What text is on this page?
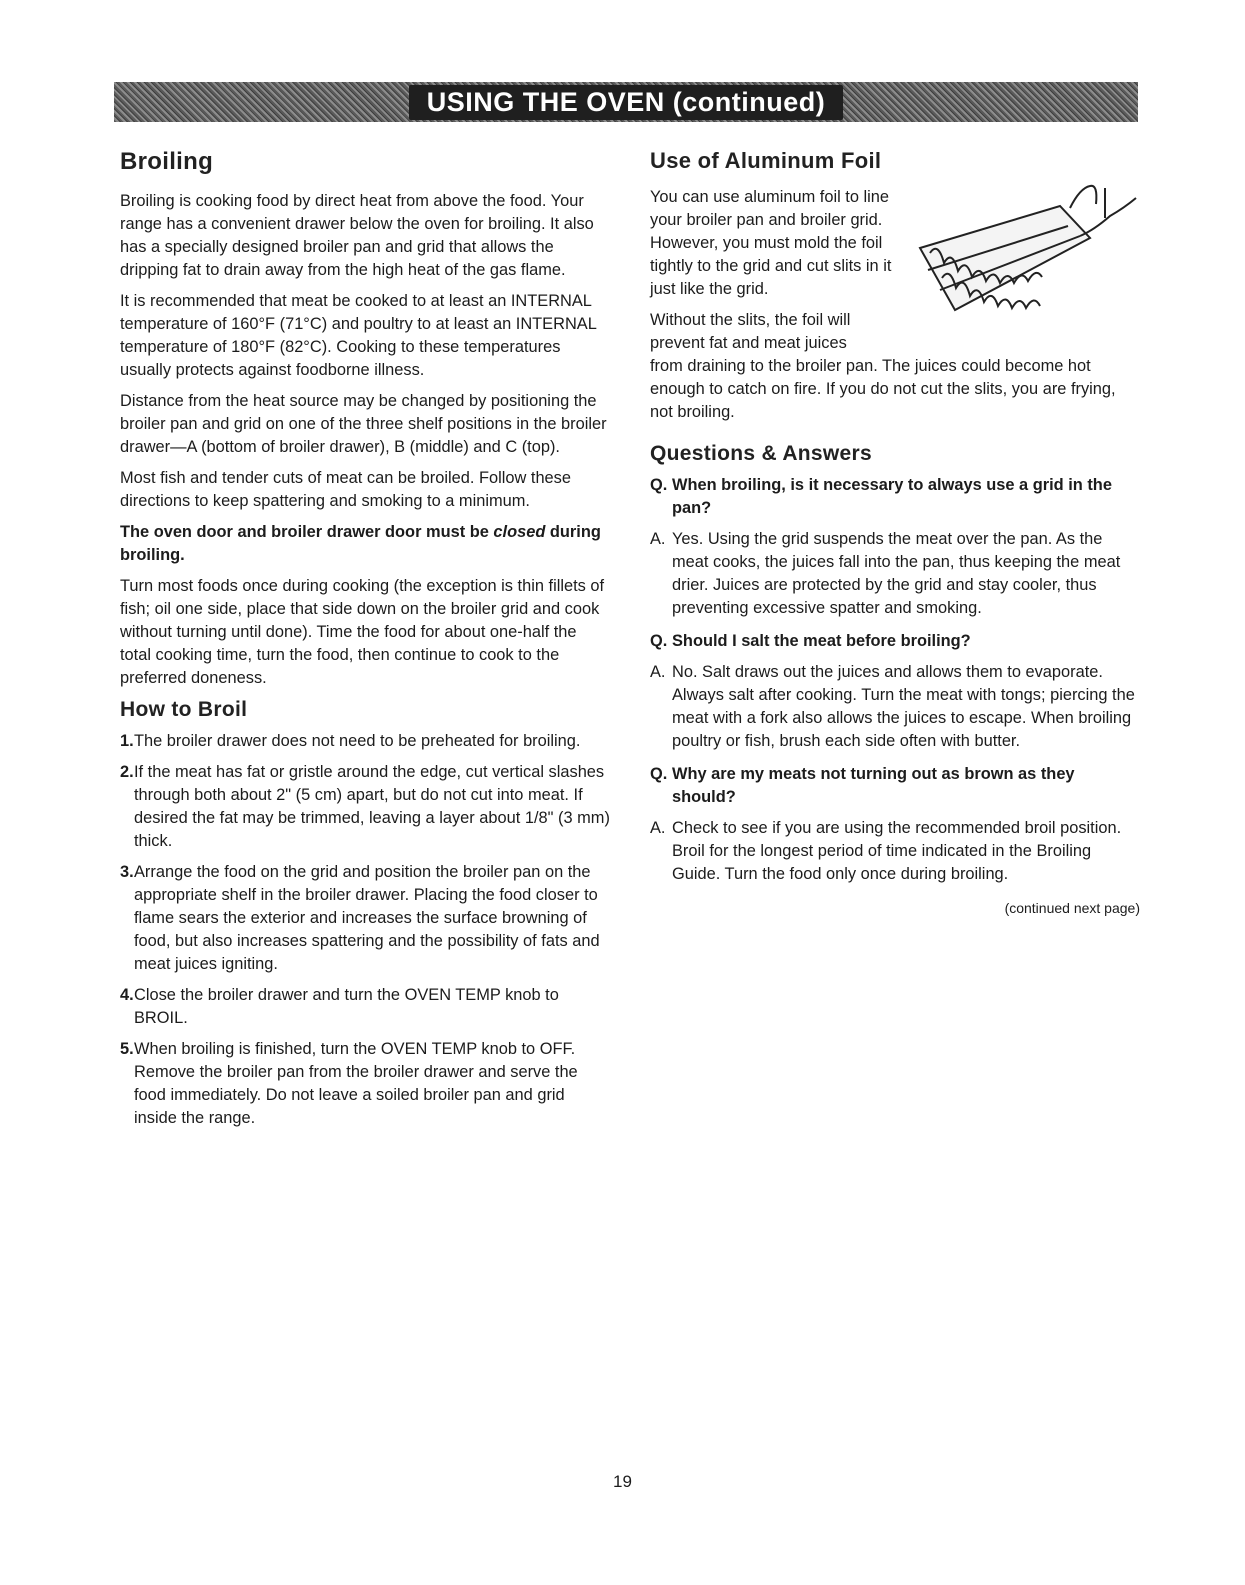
USING THE OVEN (continued)
Broiling

Broiling is cooking food by direct heat from above the food. Your range has a convenient drawer below the oven for broiling. It also has a specially designed broiler pan and grid that allows the dripping fat to drain away from the high heat of the gas flame.

It is recommended that meat be cooked to at least an INTERNAL temperature of 160°F (71°C) and poultry to at least an INTERNAL temperature of 180°F (82°C). Cooking to these temperatures usually protects against foodborne illness.

Distance from the heat source may be changed by positioning the broiler pan and grid on one of the three shelf positions in the broiler drawer—A (bottom of broiler drawer), B (middle) and C (top).

Most fish and tender cuts of meat can be broiled. Follow these directions to keep spattering and smoking to a minimum.

The oven door and broiler drawer door must be closed during broiling.

Turn most foods once during cooking (the exception is thin fillets of fish; oil one side, place that side down on the broiler grid and cook without turning until done). Time the food for about one-half the total cooking time, turn the food, then continue to cook to the preferred doneness.

How to Broil
1. The broiler drawer does not need to be preheated for broiling.
2. If the meat has fat or gristle around the edge, cut vertical slashes through both about 2" (5 cm) apart, but do not cut into meat. If desired the fat may be trimmed, leaving a layer about 1/8" (3 mm) thick.
3. Arrange the food on the grid and position the broiler pan on the appropriate shelf in the broiler drawer. Placing the food closer to flame sears the exterior and increases the surface browning of food, but also increases spattering and the possibility of fats and meat juices igniting.
4. Close the broiler drawer and turn the OVEN TEMP knob to BROIL.
5. When broiling is finished, turn the OVEN TEMP knob to OFF. Remove the broiler pan from the broiler drawer and serve the food immediately. Do not leave a soiled broiler pan and grid inside the range.
Use of Aluminum Foil

You can use aluminum foil to line your broiler pan and broiler grid. However, you must mold the foil tightly to the grid and cut slits in it just like the grid.

Without the slits, the foil will prevent fat and meat juices

from draining to the broiler pan. The juices could become hot enough to catch on fire. If you do not cut the slits, you are frying, not broiling.

Questions & Answers
Q. When broiling, is it necessary to always use a grid in the pan?
A. Yes. Using the grid suspends the meat over the pan. As the meat cooks, the juices fall into the pan, thus keeping the meat drier. Juices are protected by the grid and stay cooler, thus preventing excessive spatter and smoking.
Q. Should I salt the meat before broiling?
A. No. Salt draws out the juices and allows them to evaporate. Always salt after cooking. Turn the meat with tongs; piercing the meat with a fork also allows the juices to escape. When broiling poultry or fish, brush each side often with butter.
Q. Why are my meats not turning out as brown as they should?
A. Check to see if you are using the recommended broil position. Broil for the longest period of time indicated in the Broiling Guide. Turn the food only once during broiling.
(continued next page)
19
